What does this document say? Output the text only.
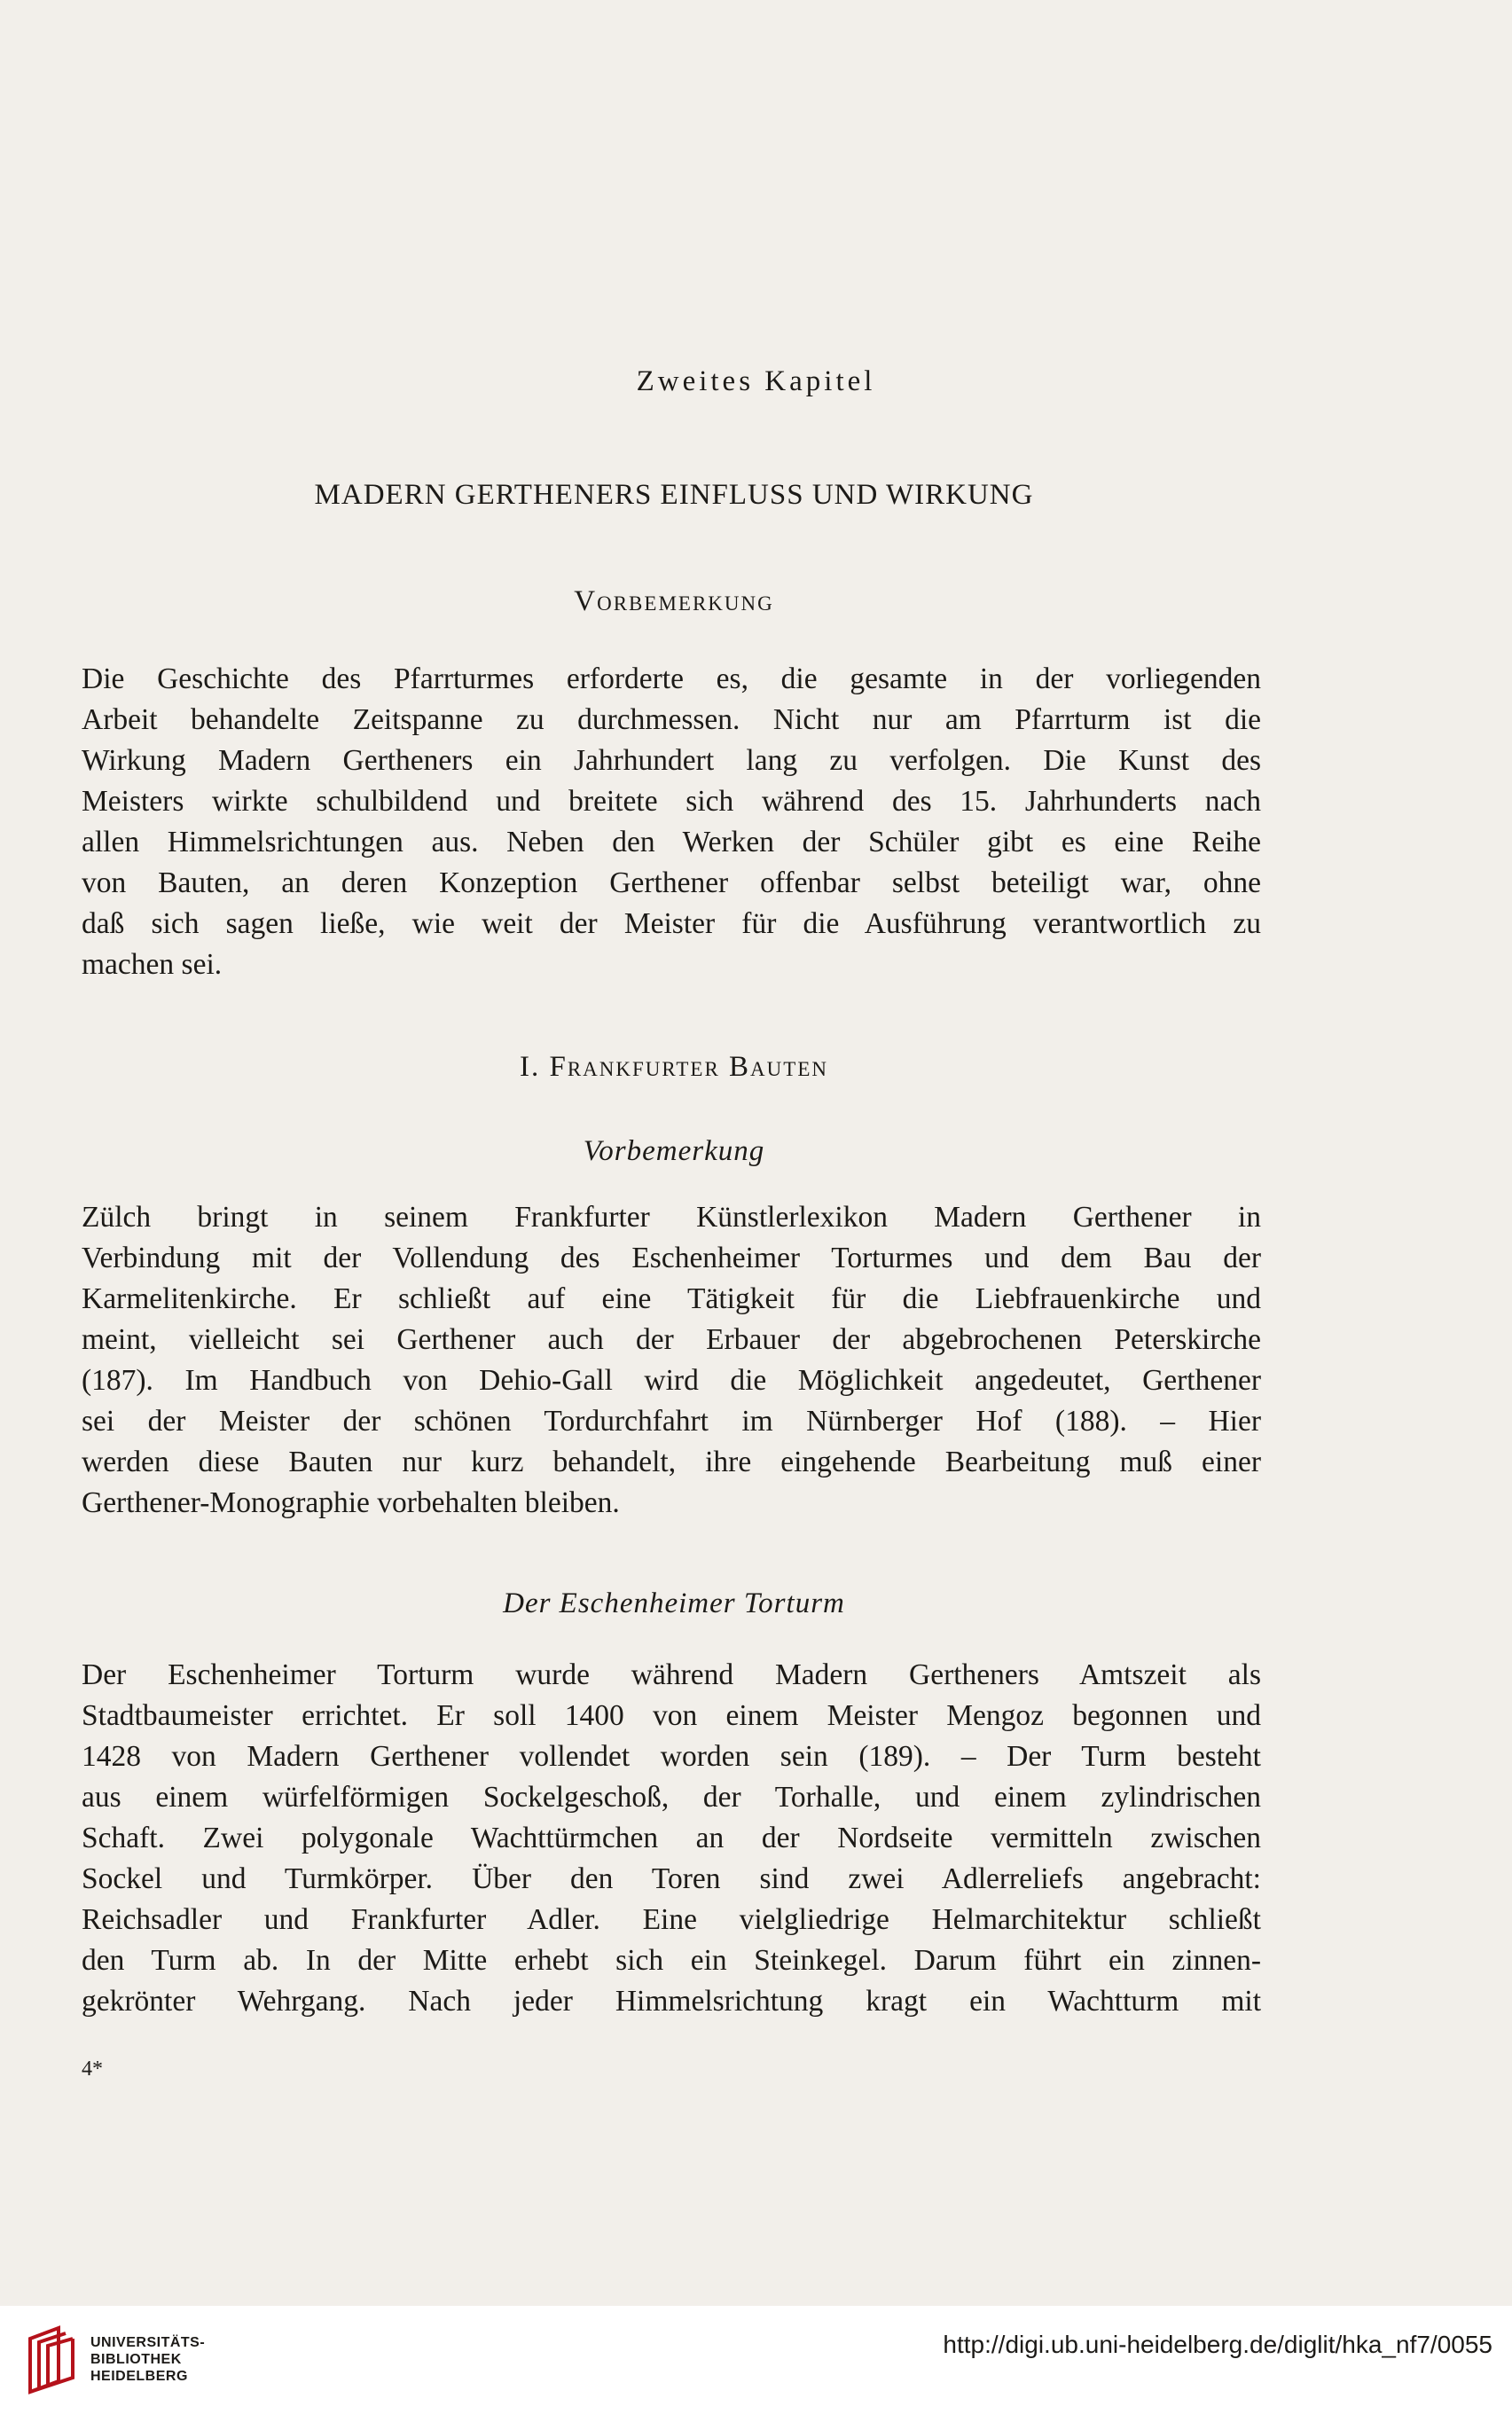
Zweites Kapitel
MADERN GERTHENERS EINFLUSS UND WIRKUNG
Vorbemerkung
Die Geschichte des Pfarrturmes erforderte es, die gesamte in der vorliegenden
Arbeit behandelte Zeitspanne zu durchmessen. Nicht nur am Pfarrturm ist die
Wirkung Madern Gertheners ein Jahrhundert lang zu verfolgen. Die Kunst des
Meisters wirkte schulbildend und breitete sich während des 15. Jahrhunderts nach
allen Himmelsrichtungen aus. Neben den Werken der Schüler gibt es eine Reihe
von Bauten, an deren Konzeption Gerthener offenbar selbst beteiligt war, ohne
daß sich sagen ließe, wie weit der Meister für die Ausführung verantwortlich zu
machen sei.
I. Frankfurter Bauten
Vorbemerkung
Zülch bringt in seinem Frankfurter Künstlerlexikon Madern Gerthener in
Verbindung mit der Vollendung des Eschenheimer Torturmes und dem Bau der
Karmelitenkirche. Er schließt auf eine Tätigkeit für die Liebfrauenkirche und
meint, vielleicht sei Gerthener auch der Erbauer der abgebrochenen Peterskirche
(187). Im Handbuch von Dehio-Gall wird die Möglichkeit angedeutet, Gerthener
sei der Meister der schönen Tordurchfahrt im Nürnberger Hof (188). – Hier
werden diese Bauten nur kurz behandelt, ihre eingehende Bearbeitung muß einer
Gerthener-Monographie vorbehalten bleiben.
Der Eschenheimer Torturm
Der Eschenheimer Torturm wurde während Madern Gertheners Amtszeit als
Stadtbaumeister errichtet. Er soll 1400 von einem Meister Mengoz begonnen und
1428 von Madern Gerthener vollendet worden sein (189). – Der Turm besteht
aus einem würfelförmigen Sockelgeschoß, der Torhalle, und einem zylindrischen
Schaft. Zwei polygonale Wachttürmchen an der Nordseite vermitteln zwischen
Sockel und Turmkörper. Über den Toren sind zwei Adlerreliefs angebracht:
Reichsadler und Frankfurter Adler. Eine vielgliedrige Helmarchitektur schließt
den Turm ab. In der Mitte erhebt sich ein Steinkegel. Darum führt ein zinnen-
gekrönter Wehrgang. Nach jeder Himmelsrichtung kragt ein Wachtturm mit
4*
UNIVERSITÄTS-
BIBLIOTHEK
HEIDELBERG
http://digi.ub.uni-heidelberg.de/diglit/hka_nf7/0055
